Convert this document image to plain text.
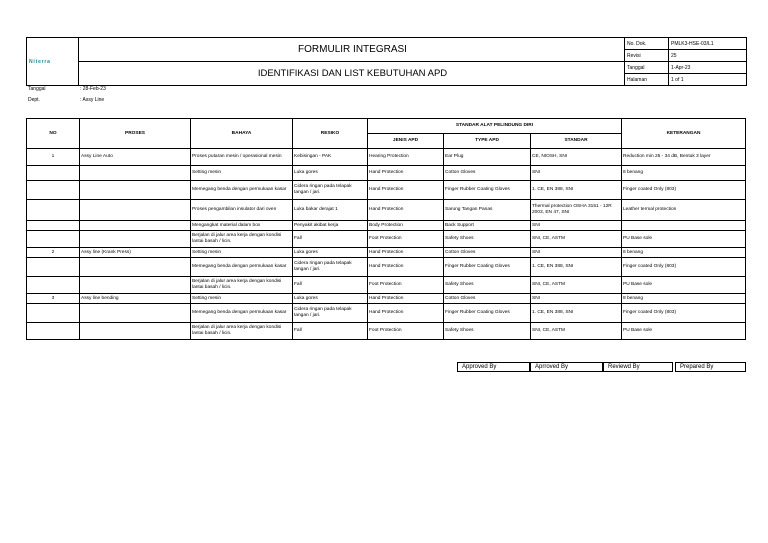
Niterra	FORMULIR INTEGRASI	No. Dok.	PMLK3-HSE-03/L1
		Revisi	25
	IDENTIFIKASI DAN LIST KEBUTUHAN APD	Tanggal	1-Apr-23
		Halaman	1 of 1
Tanggal	: 28-Feb-23
Dept.	: Assy Line
NO	PROSES	BAHAYA	RESIKO	STANDAR ALAT PELINDUNG DIRI			KETERANGAN
				JENIS APD	TYPE APD	STANDAR	
1	Assy Line Auto	Proses putaran mesin / operasional mesin	Kebisingan - PAK	Hearing Protection	Ear Plug	CE, NIOSH, SNI	Reduction min 25 - 34 dB, Bentuk 3 layer
		Setting mesin	Luka gores	Hand Protection	Cotton Gloves	SNI	8 benang
		Memegang benda dengan permukaan kasar	Cidera ringan pada telapak tangan / jari.	Hand Protection	Finger Rubber Coating Gloves	1. CE, EN 388, SNI	Finger coated Only (803)
		Proses pengambilan insulator dari oven	Luka bakar derajat 1	Hand Protection	Sarung Tangan Panas	Thermal protection OSHA 3151 - 12R 2003, EN 47, SNI	Leather termal protection
		Mengangkat material dalam box	Penyakit akibat kerja	Body Protection	Back Support	SNI	
		Berjalan di jalur area kerja dengan kondisi lantai basah / licin.	Fall	Foot Protection	Safety Shoes	SNI, CE, ASTM	PU Base sole
2	Assy line (Krank Press)	Setting mesin	Luka gores	Hand Protection	Cotton Gloves	SNI	8 benang
		Memegang benda dengan permukaan kasar	Cidera ringan pada telapak tangan / jari.	Hand Protection	Finger Rubber Coating Gloves	1. CE, EN 388, SNI	Finger coated Only (803)
		Berjalan di jalur area kerja dengan kondisi lantai basah / licin.	Fall	Foot Protection	Safety Shoes	SNI, CE, ASTM	PU Base sole
3	Assy line bending	Setting mesin	Luka gores	Hand Protection	Cotton Gloves	SNI	8 benang
		Memegang benda dengan permukaan kasar	Cidera ringan pada telapak tangan / jari.	Hand Protection	Finger Rubber Coating Gloves	1. CE, EN 388, SNI	Finger coated Only (803)
		Berjalan di jalur area kerja dengan kondisi lantai basah / licin.	Fall	Foot Protection	Safety Shoes	SNI, CE, ASTM	PU Base sole
Approved By	Aprroved By	Reviewd By	Prepared By
